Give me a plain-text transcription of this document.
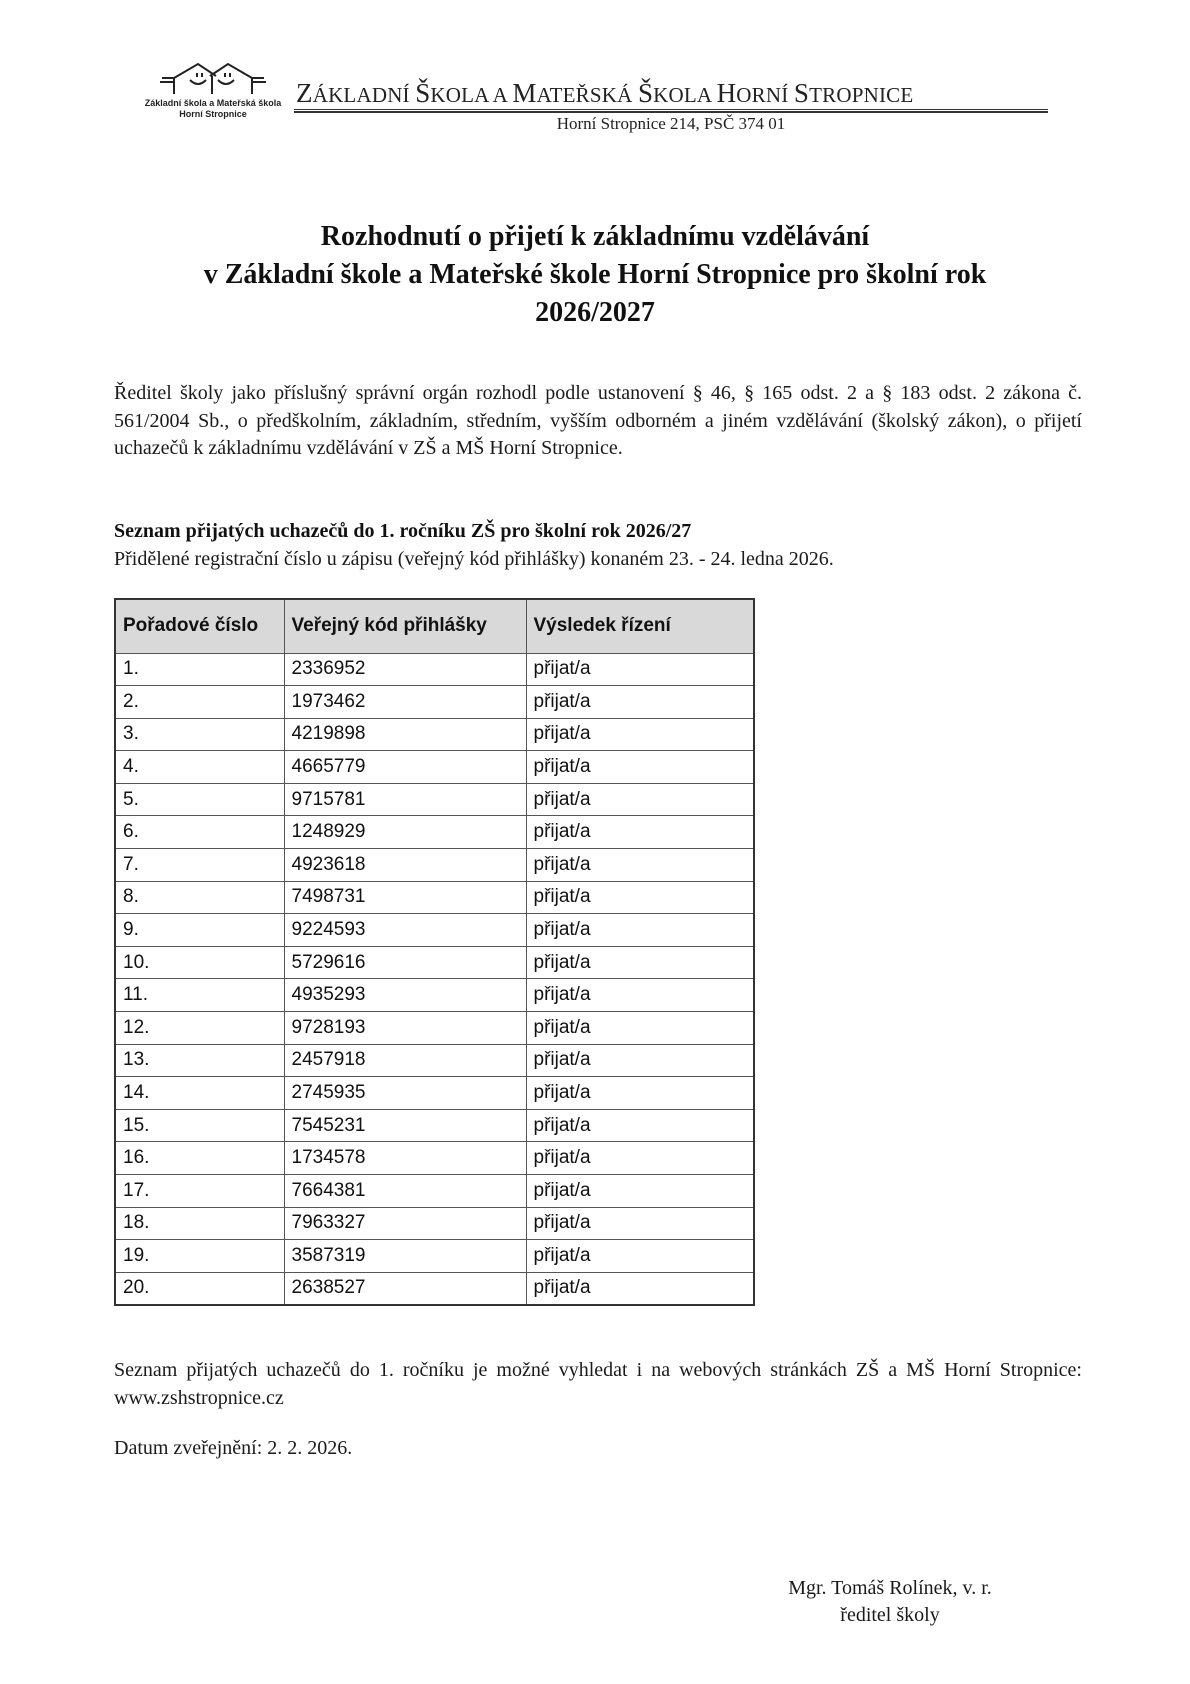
Základní škola a Mateřská škola
Horní Stropnice
ZÁKLADNÍ ŠKOLA A MATEŘSKÁ ŠKOLA HORNÍ STROPNICE
Horní Stropnice 214, PSČ 374 01
Rozhodnutí o přijetí k základnímu vzdělávání
v Základní škole a Mateřské škole Horní Stropnice pro školní rok
2026/2027
Ředitel školy jako příslušný správní orgán rozhodl podle ustanovení § 46, § 165 odst. 2 a § 183 odst. 2 zákona č. 561/2004 Sb., o předškolním, základním, středním, vyšším odborném a jiném vzdělávání (školský zákon), o přijetí uchazečů k základnímu vzdělávání v ZŠ a MŠ Horní Stropnice.
Seznam přijatých uchazečů do 1. ročníku ZŠ pro školní rok 2026/27
Přidělené registrační číslo u zápisu (veřejný kód přihlášky) konaném 23. - 24. ledna 2026.
Pořadové číslo	Veřejný kód přihlášky	Výsledek řízení
1.	2336952	přijat/a
2.	1973462	přijat/a
3.	4219898	přijat/a
4.	4665779	přijat/a
5.	9715781	přijat/a
6.	1248929	přijat/a
7.	4923618	přijat/a
8.	7498731	přijat/a
9.	9224593	přijat/a
10.	5729616	přijat/a
11.	4935293	přijat/a
12.	9728193	přijat/a
13.	2457918	přijat/a
14.	2745935	přijat/a
15.	7545231	přijat/a
16.	1734578	přijat/a
17.	7664381	přijat/a
18.	7963327	přijat/a
19.	3587319	přijat/a
20.	2638527	přijat/a
Seznam přijatých uchazečů do 1. ročníku je možné vyhledat i na webových stránkách ZŠ a MŠ Horní Stropnice: www.zshstropnice.cz
Datum zveřejnění: 2. 2. 2026.
Mgr. Tomáš Rolínek, v. r.
ředitel školy
